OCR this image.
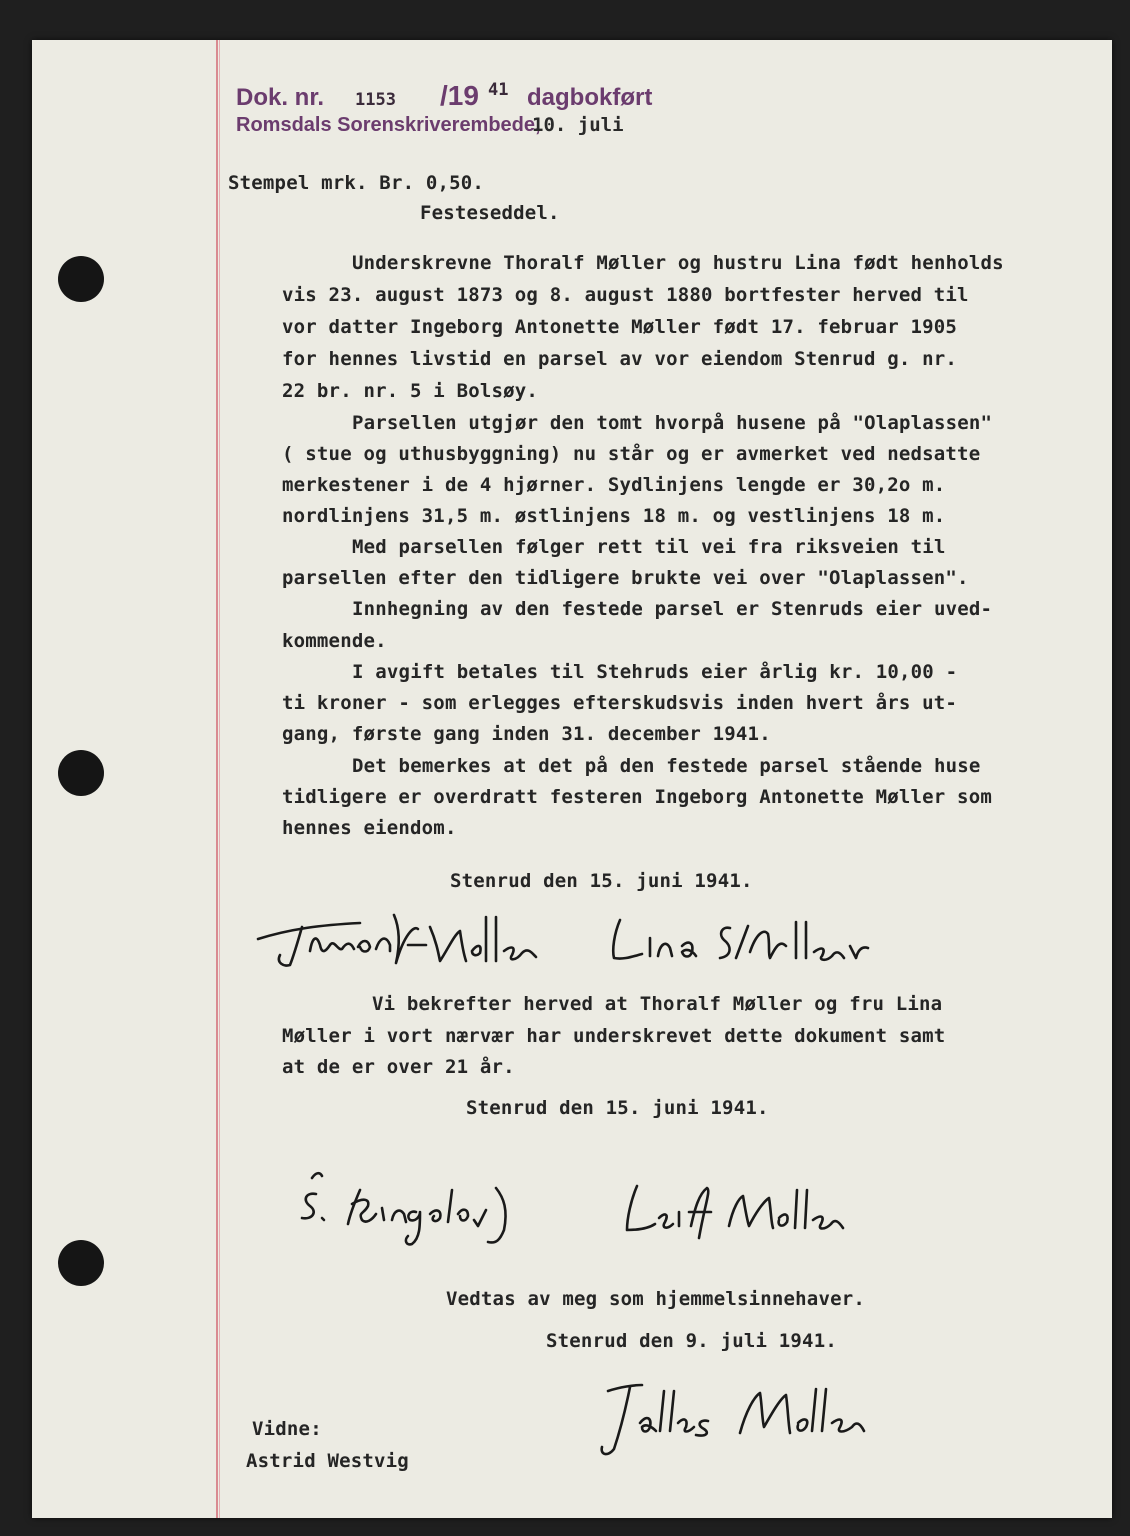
Dok. nr. 1153 /19 41 dagbokført
Romsdals Sorenskriverembede,
10. juli
Stempel mrk. Br. 0,50.
Festeseddel.
Underskrevne Thoralf Møller og hustru Lina født henholds
vis 23. august 1873 og 8. august 1880 bortfester herved til
vor datter Ingeborg Antonette Møller født 17. februar 1905
for hennes livstid en parsel av vor eiendom Stenrud g. nr.
22 br. nr. 5 i Bolsøy.
Parsellen utgjør den tomt hvorpå husene på "Olaplassen"
( stue og uthusbyggning) nu står og er avmerket ved nedsatte
merkestener i de 4 hjørner. Sydlinjens lengde er 30,2o m.
nordlinjens 31,5 m. østlinjens 18 m. og vestlinjens 18 m.
Med parsellen følger rett til vei fra riksveien til
parsellen efter den tidligere brukte vei over "Olaplassen".
Innhegning av den festede parsel er Stenruds eier uved-
kommende.
I avgift betales til Stehruds eier årlig kr. 10,00 -
ti kroner - som erlegges efterskudsvis inden hvert års ut-
gang, første gang inden 31. december 1941.
Det bemerkes at det på den festede parsel stående huse
tidligere er overdratt festeren Ingeborg Antonette Møller som
hennes eiendom.
Stenrud den 15. juni 1941.
Vi bekrefter herved at Thoralf Møller og fru Lina
Møller i vort nærvær har underskrevet dette dokument samt
at de er over 21 år.
Stenrud den 15. juni 1941.
Vedtas av meg som hjemmelsinnehaver.
Stenrud den 9. juli 1941.
Vidne:
Astrid Westvig
